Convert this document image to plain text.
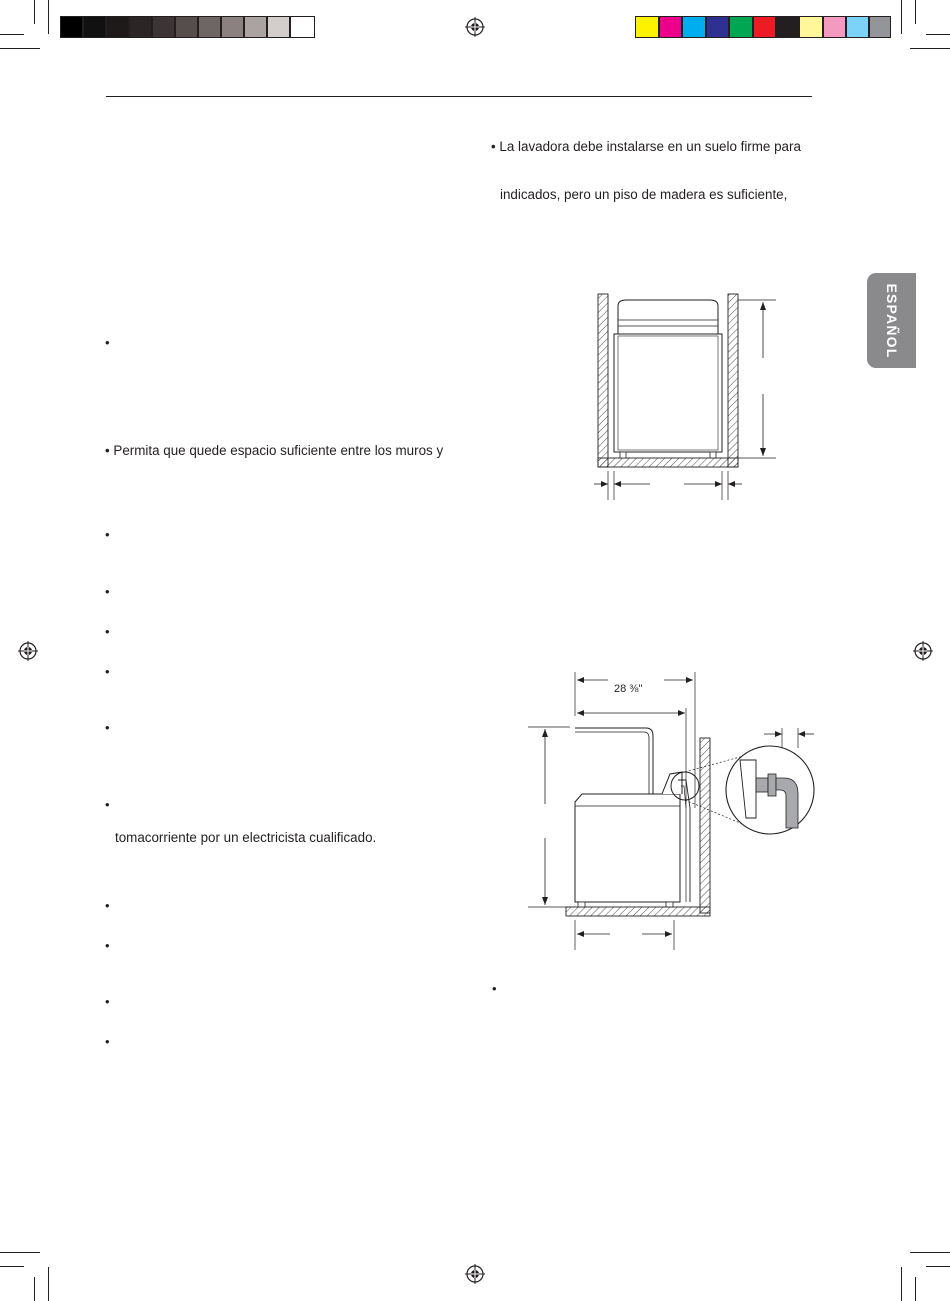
ESPAÑOL
•
• Permita que quede espacio suficiente entre los muros y
•
•
•
•
•
•
tomacorriente por un electricista cualificado.
•
•
•
•
• La lavadora debe instalarse en un suelo firme para
indicados, pero un piso de madera es suficiente,
•
28 ⅜"
